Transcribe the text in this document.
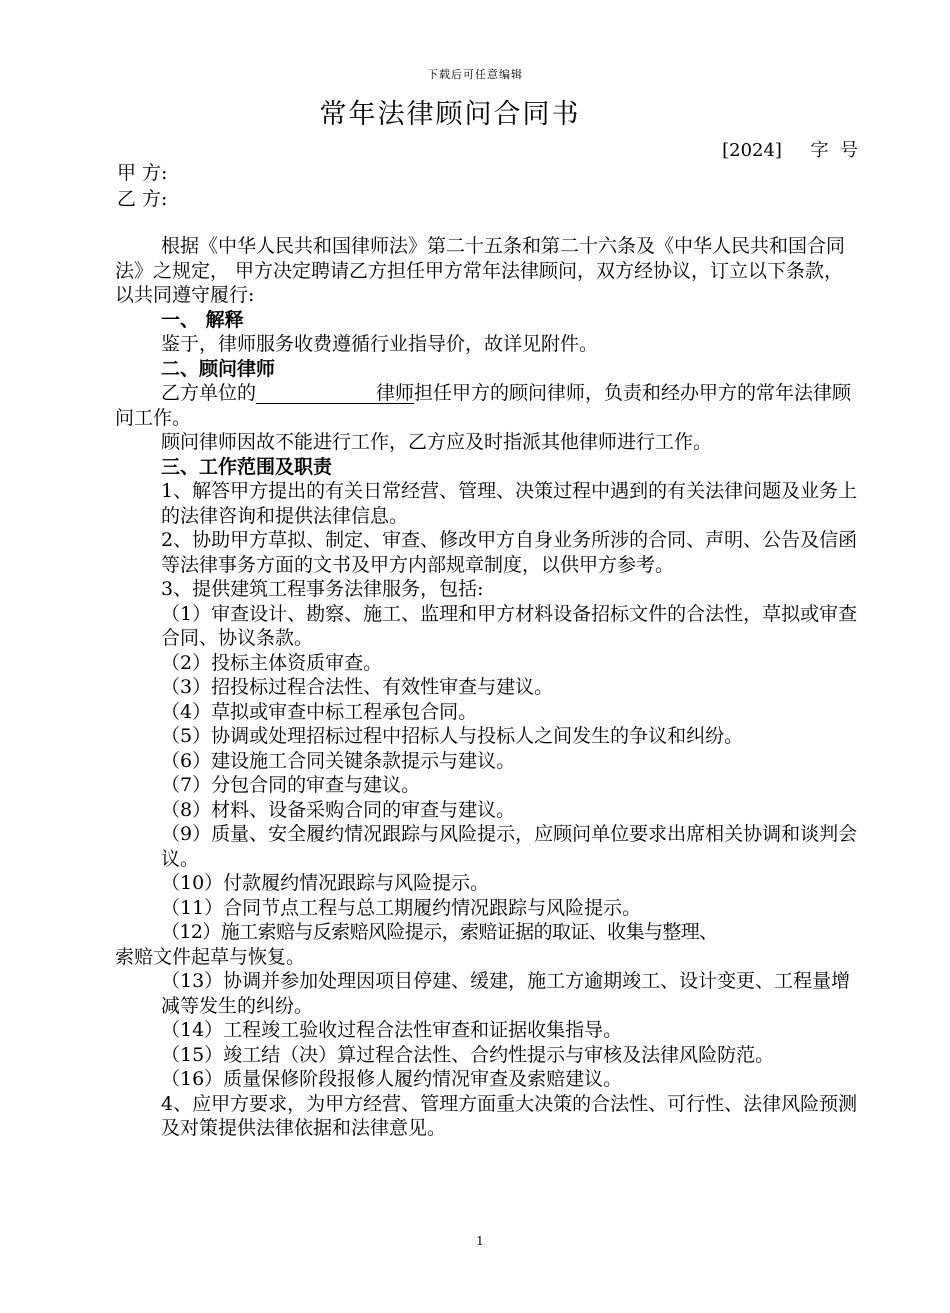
下载后可任意编辑
常年法律顾问合同书
[2024]     字  号
甲 方:
乙 方:

根据《中华人民共和国律师法》第二十五条和第二十六条及《中华人民共和国合同法》之规定， 甲方决定聘请乙方担任甲方常年法律顾问，双方经协议，订立以下条款，以共同遵守履行:

一、 解释

鉴于，律师服务收费遵循行业指导价，故详见附件。

二、顾问律师

乙方单位的	律师担任甲方的顾问律师，负责和经办甲方的常年法律顾问工作。

顾问律师因故不能进行工作，乙方应及时指派其他律师进行工作。

三、工作范围及职责

1、解答甲方提出的有关日常经营、管理、决策过程中遇到的有关法律问题及业务上的法律咨询和提供法律信息。

2、协助甲方草拟、制定、审查、修改甲方自身业务所涉的合同、声明、公告及信函等法律事务方面的文书及甲方内部规章制度，以供甲方参考。

3、提供建筑工程事务法律服务，包括:

（1）审查设计、勘察、施工、监理和甲方材料设备招标文件的合法性，草拟或审查合同、协议条款。

（2）投标主体资质审查。

（3）招投标过程合法性、有效性审查与建议。

（4）草拟或审查中标工程承包合同。

（5）协调或处理招标过程中招标人与投标人之间发生的争议和纠纷。

（6）建设施工合同关键条款提示与建议。

（7）分包合同的审查与建议。

（8）材料、设备采购合同的审查与建议。

（9）质量、安全履约情况跟踪与风险提示，应顾问单位要求出席相关协调和谈判会议。

（10）付款履约情况跟踪与风险提示。

（11）合同节点工程与总工期履约情况跟踪与风险提示。

（12）施工索赔与反索赔风险提示，索赔证据的取证、收集与整理、

索赔文件起草与恢复。

（13）协调并参加处理因项目停建、缓建，施工方逾期竣工、设计变更、工程量增减等发生的纠纷。

（14）工程竣工验收过程合法性审查和证据收集指导。

（15）竣工结（决）算过程合法性、合约性提示与审核及法律风险防范。

（16）质量保修阶段报修人履约情况审查及索赔建议。

4、应甲方要求，为甲方经营、管理方面重大决策的合法性、可行性、法律风险预测及对策提供法律依据和法律意见。

1
